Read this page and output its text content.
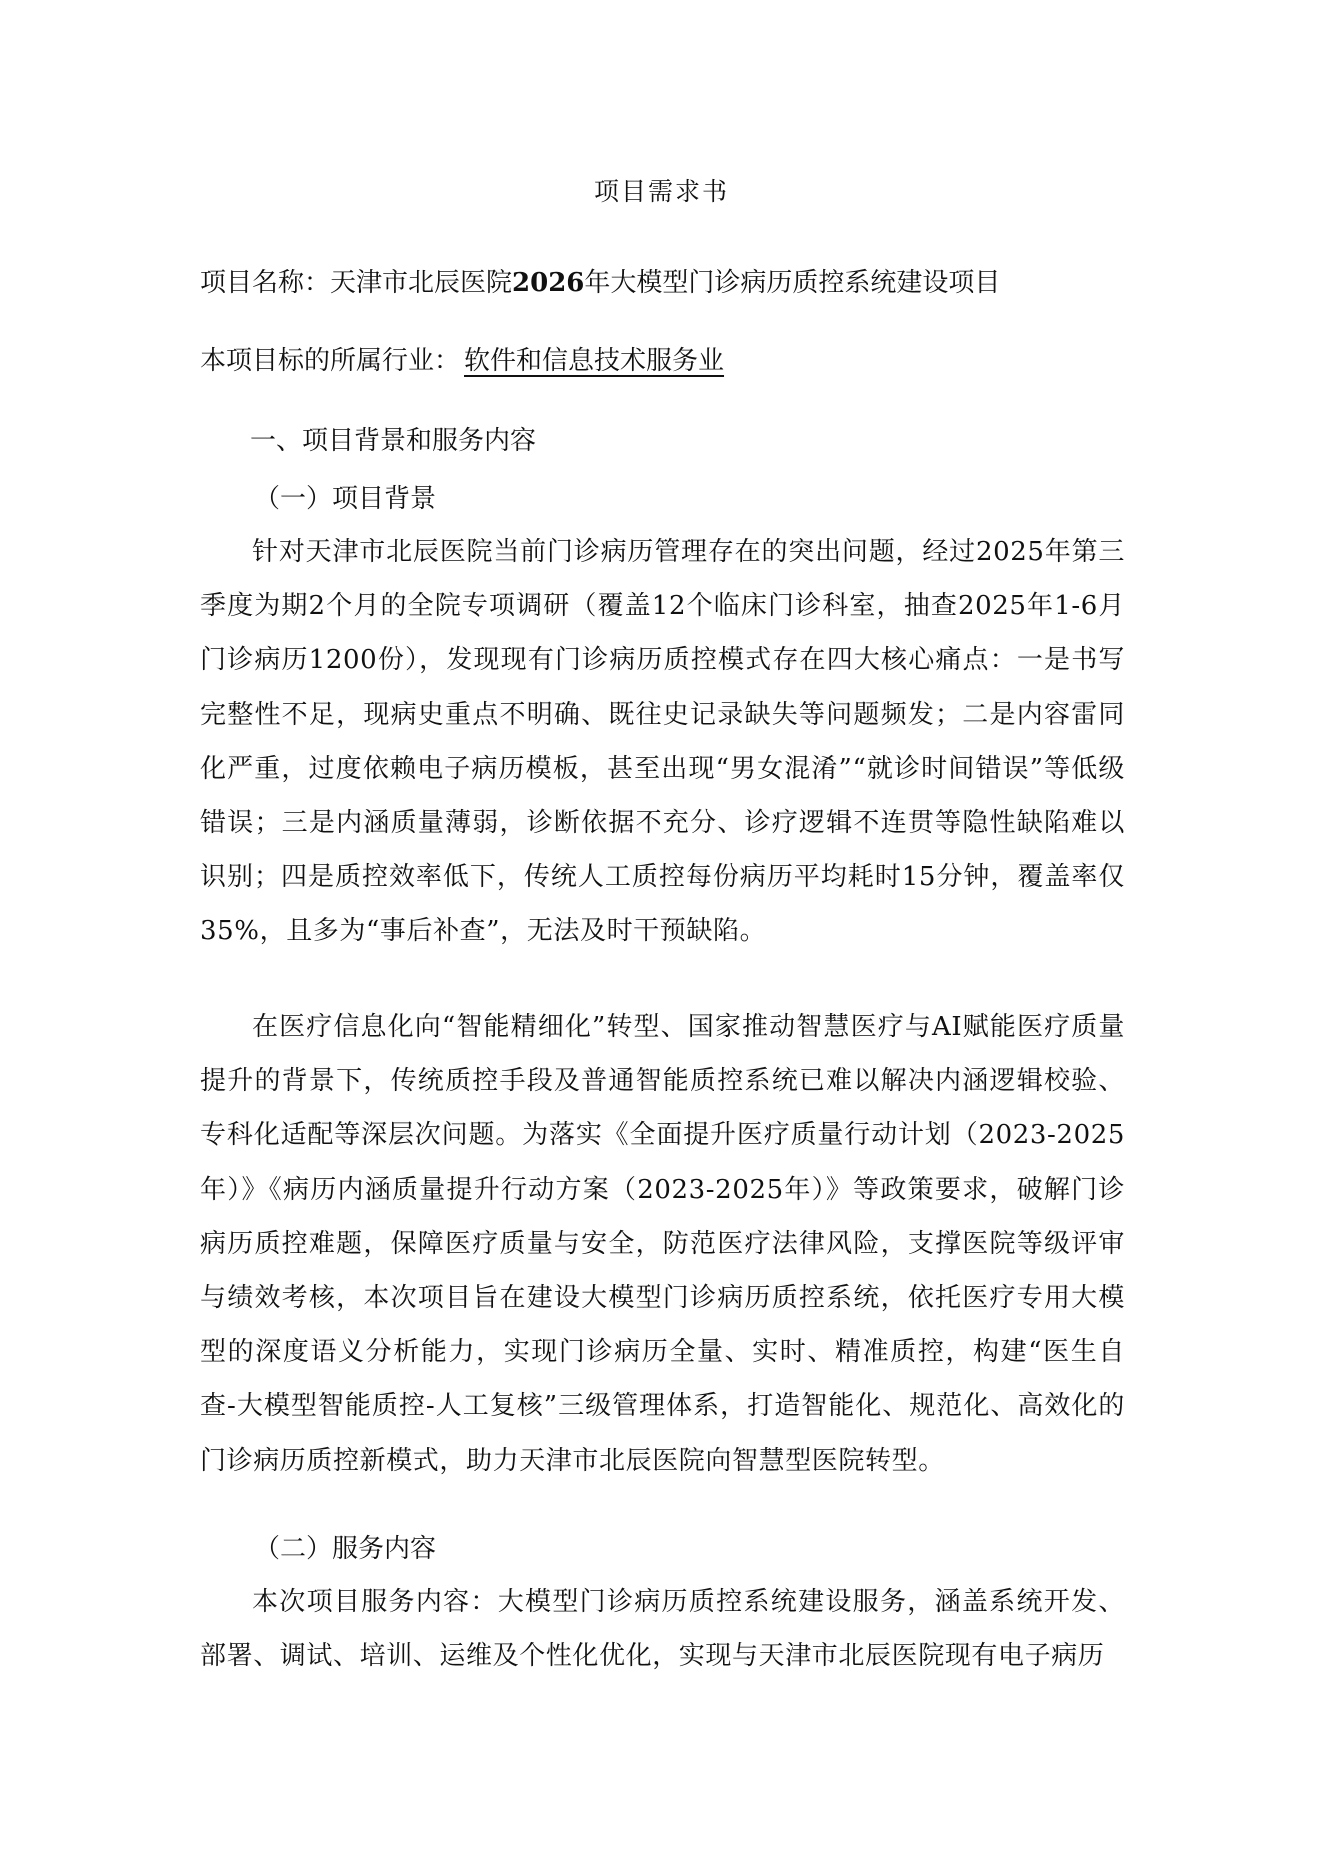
项目需求书

项目名称：天津市北辰医院2026年大模型门诊病历质控系统建设项目

本项目标的所属行业： 软件和信息技术服务业

一、项目背景和服务内容
（一）项目背景

针对天津市北辰医院当前门诊病历管理存在的突出问题，经过2025年第三季度为期2个月的全院专项调研（覆盖12个临床门诊科室，抽查2025年1-6月门诊病历1200份），发现现有门诊病历质控模式存在四大核心痛点：一是书写完整性不足，现病史重点不明确、既往史记录缺失等问题频发；二是内容雷同化严重，过度依赖电子病历模板，甚至出现“男女混淆”“就诊时间错误”等低级错误；三是内涵质量薄弱，诊断依据不充分、诊疗逻辑不连贯等隐性缺陷难以识别；四是质控效率低下，传统人工质控每份病历平均耗时15分钟，覆盖率仅35%，且多为“事后补查”，无法及时干预缺陷。

在医疗信息化向“智能精细化”转型、国家推动智慧医疗与AI赋能医疗质量提升的背景下，传统质控手段及普通智能质控系统已难以解决内涵逻辑校验、专科化适配等深层次问题。为落实《全面提升医疗质量行动计划（2023-2025年）》《病历内涵质量提升行动方案（2023-2025年）》等政策要求，破解门诊病历质控难题，保障医疗质量与安全，防范医疗法律风险，支撑医院等级评审与绩效考核，本次项目旨在建设大模型门诊病历质控系统，依托医疗专用大模型的深度语义分析能力，实现门诊病历全量、实时、精准质控，构建“医生自查-大模型智能质控-人工复核”三级管理体系，打造智能化、规范化、高效化的门诊病历质控新模式，助力天津市北辰医院向智慧型医院转型。

（二）服务内容

本次项目服务内容：大模型门诊病历质控系统建设服务，涵盖系统开发、部署、调试、培训、运维及个性化优化，实现与天津市北辰医院现有电子病历
